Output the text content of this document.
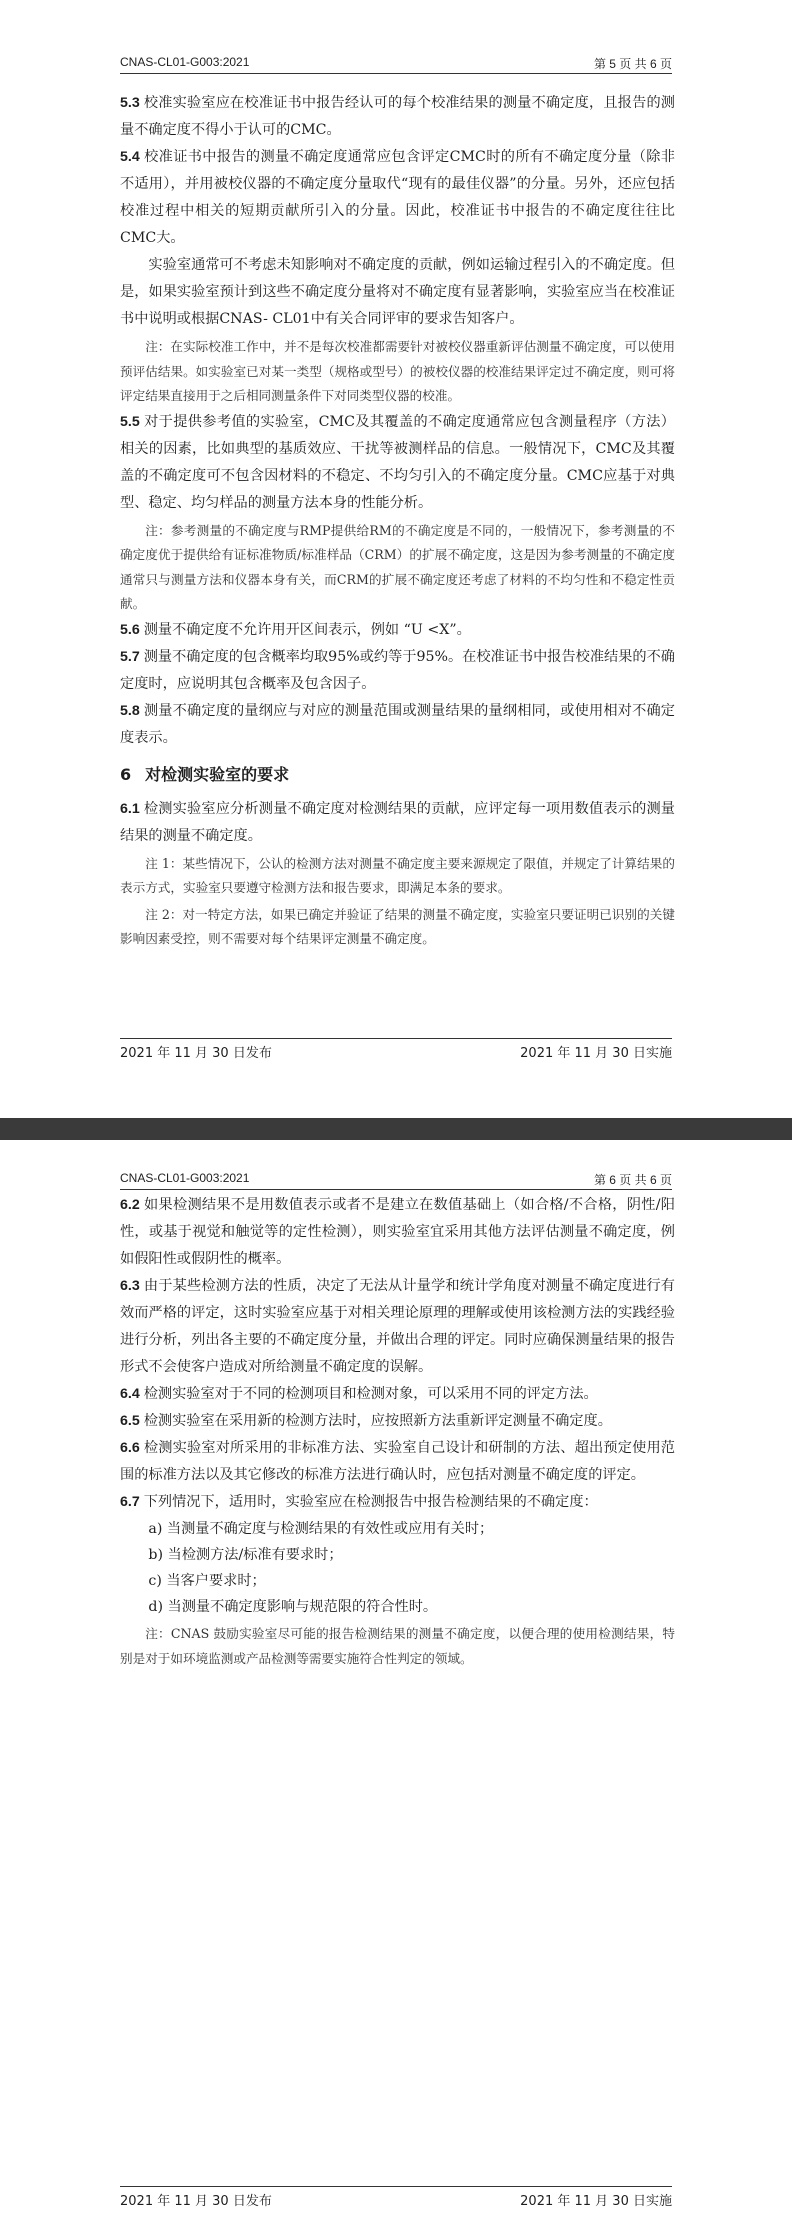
CNAS-CL01-G003:2021	第 5 页 共 6 页

5.3 校准实验室应在校准证书中报告经认可的每个校准结果的测量不确定度，且报告的测量不确定度不得小于认可的CMC。

5.4 校准证书中报告的测量不确定度通常应包含评定CMC时的所有不确定度分量（除非不适用），并用被校仪器的不确定度分量取代“现有的最佳仪器”的分量。另外，还应包括校准过程中相关的短期贡献所引入的分量。因此，校准证书中报告的不确定度往往比CMC大。

实验室通常可不考虑未知影响对不确定度的贡献，例如运输过程引入的不确定度。但是，如果实验室预计到这些不确定度分量将对不确定度有显著影响，实验室应当在校准证书中说明或根据CNAS- CL01中有关合同评审的要求告知客户。

注：在实际校准工作中，并不是每次校准都需要针对被校仪器重新评估测量不确定度，可以使用预评估结果。如实验室已对某一类型（规格或型号）的被校仪器的校准结果评定过不确定度，则可将评定结果直接用于之后相同测量条件下对同类型仪器的校准。

5.5 对于提供参考值的实验室，CMC及其覆盖的不确定度通常应包含测量程序（方法）相关的因素，比如典型的基质效应、干扰等被测样品的信息。一般情况下，CMC及其覆盖的不确定度可不包含因材料的不稳定、不均匀引入的不确定度分量。CMC应基于对典型、稳定、均匀样品的测量方法本身的性能分析。

注：参考测量的不确定度与RMP提供给RM的不确定度是不同的，一般情况下，参考测量的不确定度优于提供给有证标准物质/标准样品（CRM）的扩展不确定度，这是因为参考测量的不确定度通常只与测量方法和仪器本身有关，而CRM的扩展不确定度还考虑了材料的不均匀性和不稳定性贡献。

5.6 测量不确定度不允许用开区间表示，例如 “U <X”。

5.7 测量不确定度的包含概率均取95%或约等于95%。在校准证书中报告校准结果的不确定度时，应说明其包含概率及包含因子。

5.8 测量不确定度的量纲应与对应的测量范围或测量结果的量纲相同，或使用相对不确定度表示。

6 对检测实验室的要求

6.1 检测实验室应分析测量不确定度对检测结果的贡献，应评定每一项用数值表示的测量结果的测量不确定度。

注 1：某些情况下，公认的检测方法对测量不确定度主要来源规定了限值，并规定了计算结果的表示方式，实验室只要遵守检测方法和报告要求，即满足本条的要求。

注 2：对一特定方法，如果已确定并验证了结果的测量不确定度，实验室只要证明已识别的关键影响因素受控，则不需要对每个结果评定测量不确定度。

2021 年 11 月 30 日发布	2021 年 11 月 30 日实施
CNAS-CL01-G003:2021	第 6 页 共 6 页

6.2 如果检测结果不是用数值表示或者不是建立在数值基础上（如合格/不合格，阴性/阳性，或基于视觉和触觉等的定性检测），则实验室宜采用其他方法评估测量不确定度，例如假阳性或假阴性的概率。

6.3 由于某些检测方法的性质，决定了无法从计量学和统计学角度对测量不确定度进行有效而严格的评定，这时实验室应基于对相关理论原理的理解或使用该检测方法的实践经验进行分析，列出各主要的不确定度分量，并做出合理的评定。同时应确保测量结果的报告形式不会使客户造成对所给测量不确定度的误解。

6.4 检测实验室对于不同的检测项目和检测对象，可以采用不同的评定方法。

6.5 检测实验室在采用新的检测方法时，应按照新方法重新评定测量不确定度。

6.6 检测实验室对所采用的非标准方法、实验室自己设计和研制的方法、超出预定使用范围的标准方法以及其它修改的标准方法进行确认时，应包括对测量不确定度的评定。

6.7 下列情况下，适用时，实验室应在检测报告中报告检测结果的不确定度：

a) 当测量不确定度与检测结果的有效性或应用有关时；

b) 当检测方法/标准有要求时；

c) 当客户要求时；

d) 当测量不确定度影响与规范限的符合性时。

注：CNAS 鼓励实验室尽可能的报告检测结果的测量不确定度，以便合理的使用检测结果，特别是对于如环境监测或产品检测等需要实施符合性判定的领域。

2021 年 11 月 30 日发布	2021 年 11 月 30 日实施
